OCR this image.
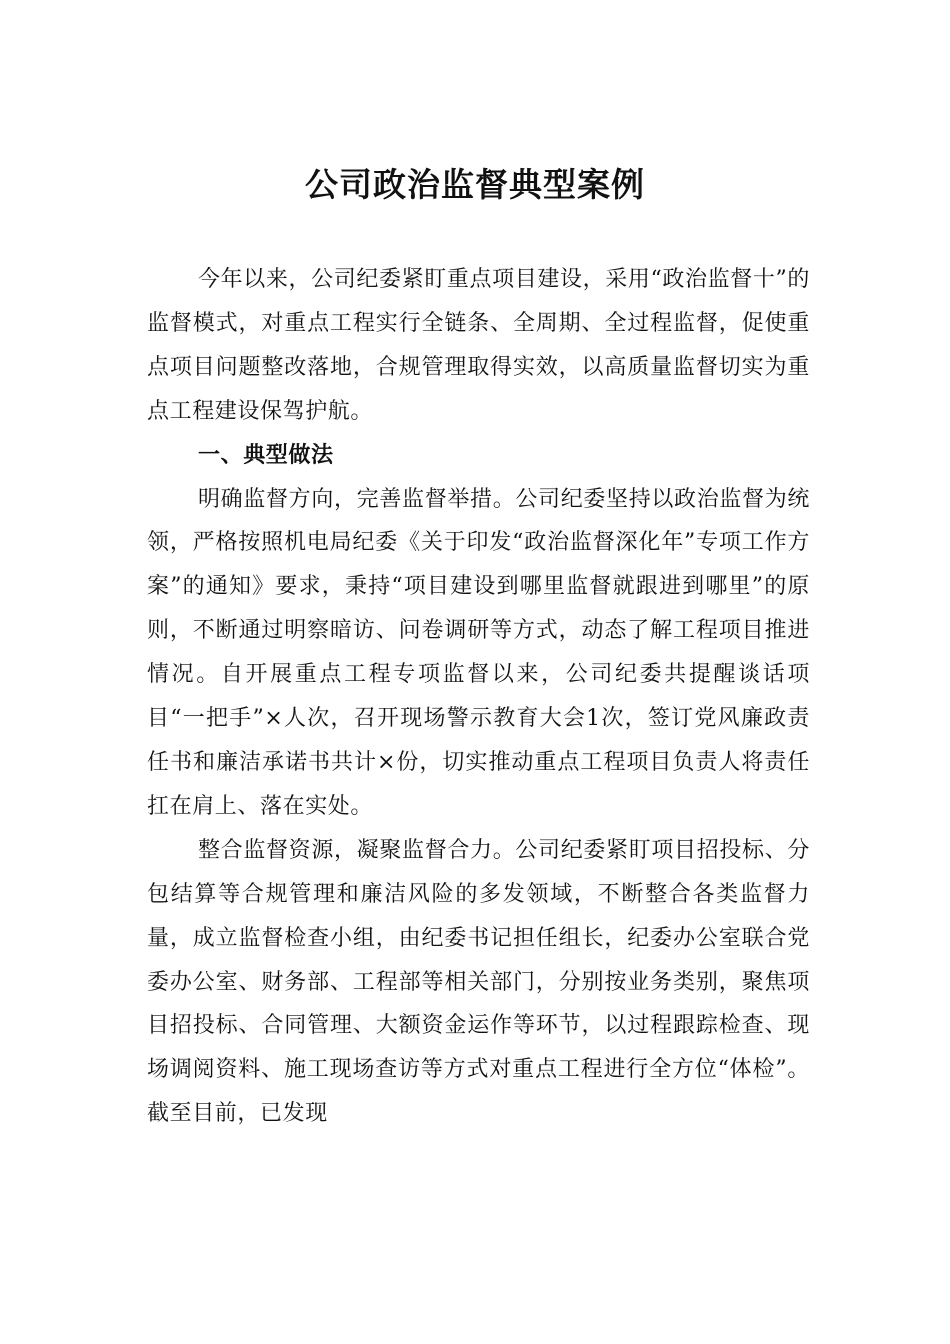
公司政治监督典型案例

今年以来，公司纪委紧盯重点项目建设，采用“政治监督十”的监督模式，对重点工程实行全链条、全周期、全过程监督，促使重点项目问题整改落地，合规管理取得实效，以高质量监督切实为重点工程建设保驾护航。

一、典型做法

明确监督方向，完善监督举措。公司纪委坚持以政治监督为统领，严格按照机电局纪委《关于印发“政治监督深化年”专项工作方案”的通知》要求，秉持“项目建设到哪里监督就跟进到哪里”的原则，不断通过明察暗访、问卷调研等方式，动态了解工程项目推进情况。自开展重点工程专项监督以来，公司纪委共提醒谈话项目“一把手”×人次，召开现场警示教育大会1次，签订党风廉政责任书和廉洁承诺书共计×份，切实推动重点工程项目负责人将责任扛在肩上、落在实处。

整合监督资源，凝聚监督合力。公司纪委紧盯项目招投标、分包结算等合规管理和廉洁风险的多发领域，不断整合各类监督力量，成立监督检查小组，由纪委书记担任组长，纪委办公室联合党委办公室、财务部、工程部等相关部门，分别按业务类别，聚焦项目招投标、合同管理、大额资金运作等环节，以过程跟踪检查、现场调阅资料、施工现场查访等方式对重点工程进行全方位“体检”。截至目前，已发现
